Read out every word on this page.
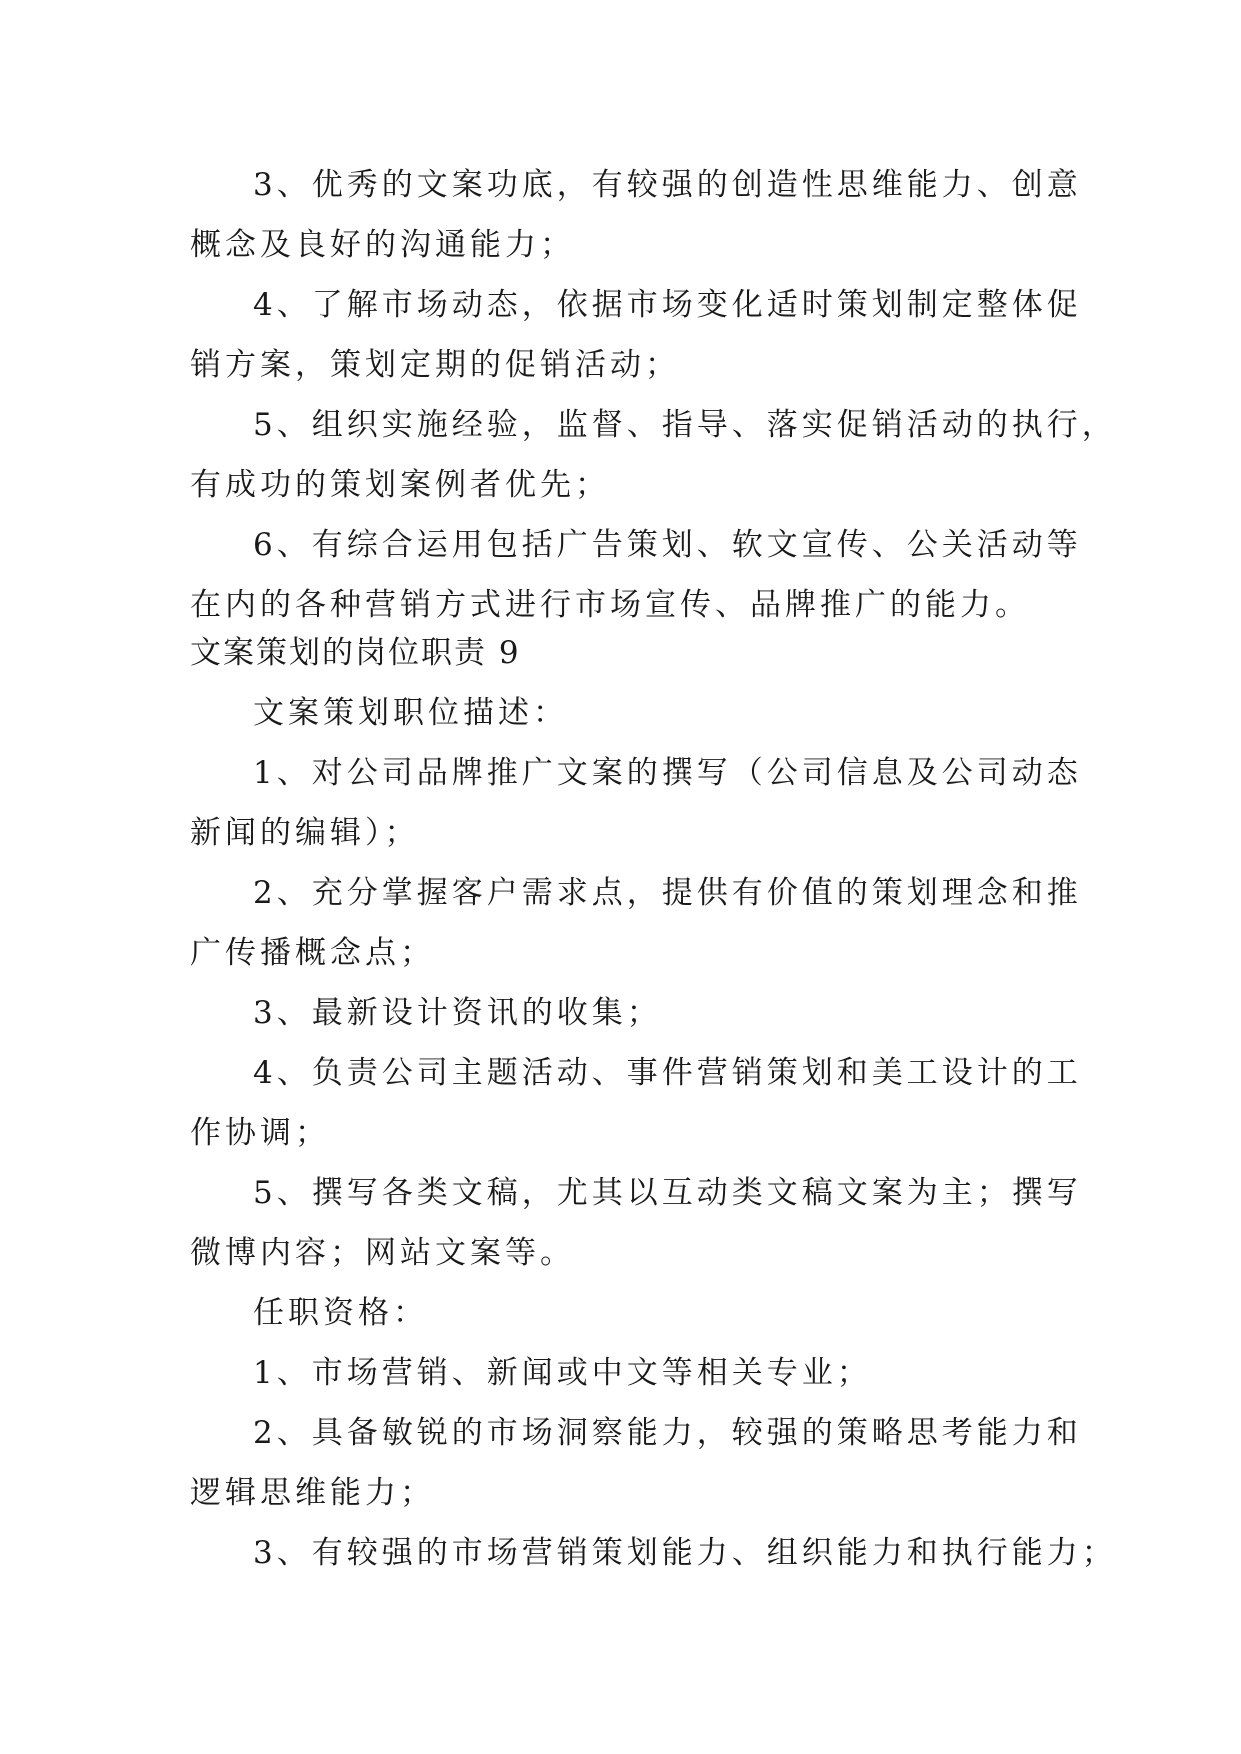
3、优秀的文案功底，有较强的创造性思维能力、创意
概念及良好的沟通能力；
4、了解市场动态，依据市场变化适时策划制定整体促
销方案，策划定期的促销活动；
5、组织实施经验，监督、指导、落实促销活动的执行，
有成功的策划案例者优先；
6、有综合运用包括广告策划、软文宣传、公关活动等
在内的各种营销方式进行市场宣传、品牌推广的能力。
文案策划的岗位职责 9
文案策划职位描述：
1、对公司品牌推广文案的撰写（公司信息及公司动态
新闻的编辑）；
2、充分掌握客户需求点，提供有价值的策划理念和推
广传播概念点；
3、最新设计资讯的收集；
4、负责公司主题活动、事件营销策划和美工设计的工
作协调；
5、撰写各类文稿，尤其以互动类文稿文案为主；撰写
微博内容；网站文案等。
任职资格：
1、市场营销、新闻或中文等相关专业；
2、具备敏锐的市场洞察能力，较强的策略思考能力和
逻辑思维能力；
3、有较强的市场营销策划能力、组织能力和执行能力；
